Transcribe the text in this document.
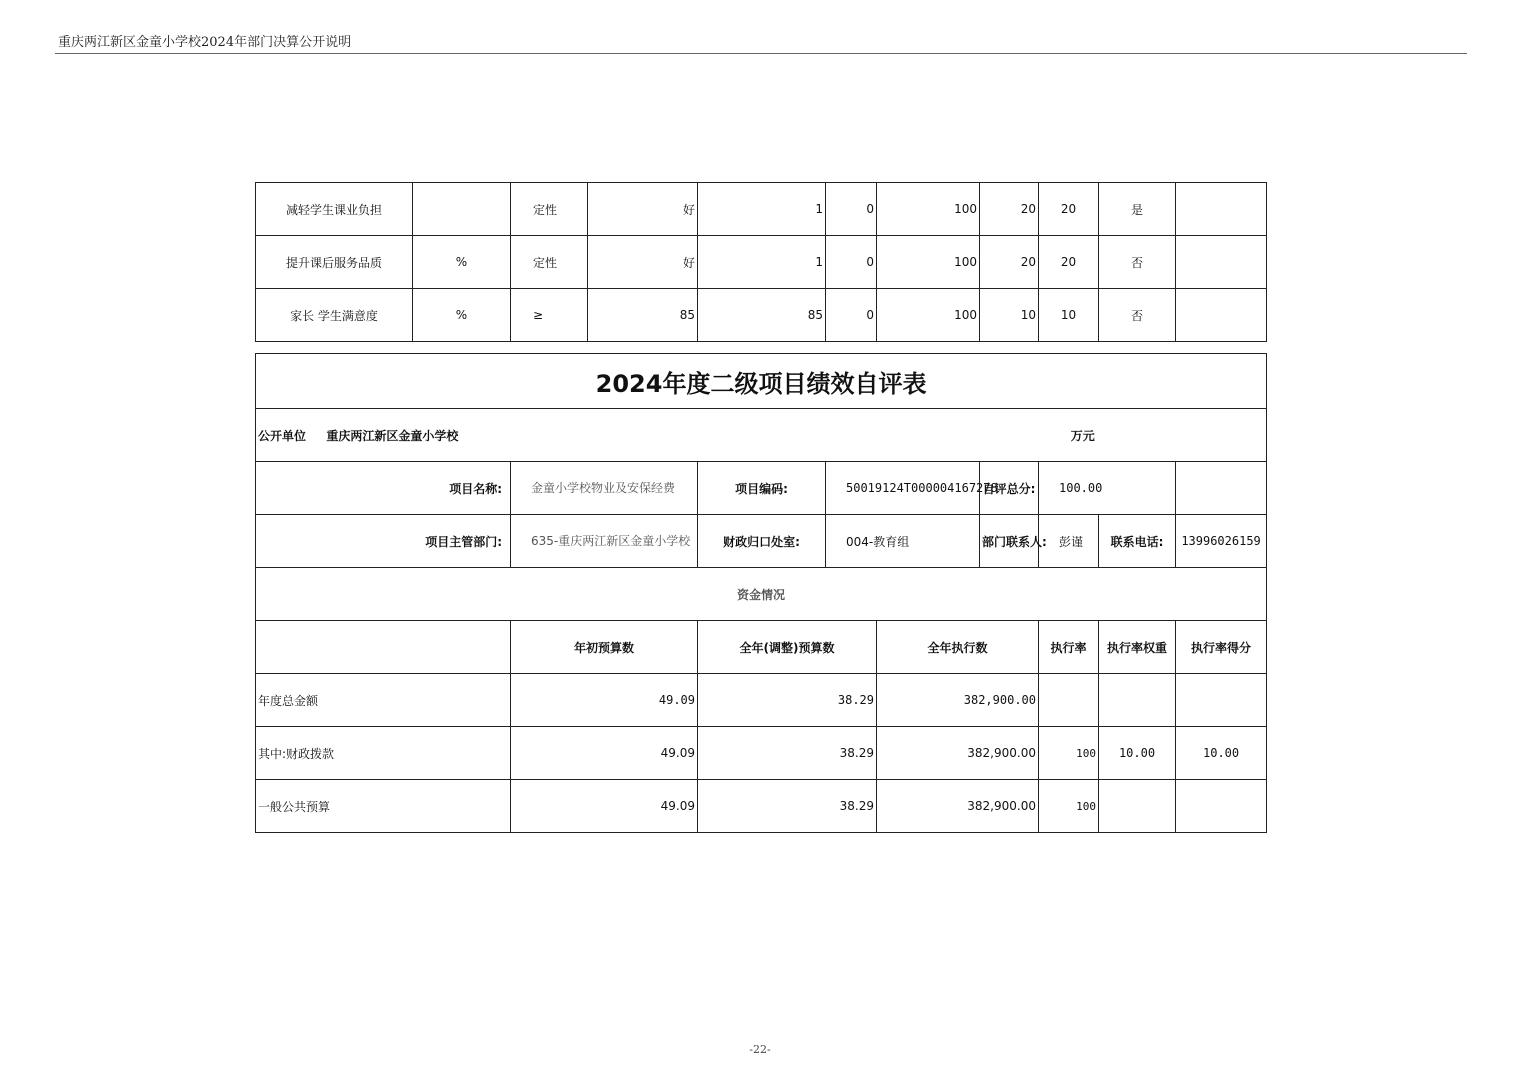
重庆两江新区金童小学校2024年部门决算公开说明
减轻学生课业负担		定性	好	1	0	100	20	20	是	
提升课后服务品质	%	定性	好	1	0	100	20	20	否	
家长 学生满意度	%	≥	85	85	0	100	10	10	否	
2024年度二级项目绩效自评表								
公开单位 重庆两江新区金童小学校 万元								
项目名称:	金童小学校物业及安保经费	项目编码:	50019124T000004167278		自评总分:	100.00		
项目主管部门:	635-重庆两江新区金童小学校	财政归口处室:	004-教育组		部门联系人:	彭谨	联系电话:	13996026159
资金情况								
	年初预算数	全年(调整)预算数		全年执行数		执行率	执行率权重	执行率得分
年度总金额	49.09	38.29		382,900.00				
其中:财政拨款	49.09	38.29		382,900.00		100	10.00	10.00
一般公共预算	49.09	38.29		382,900.00		100		
-22-
